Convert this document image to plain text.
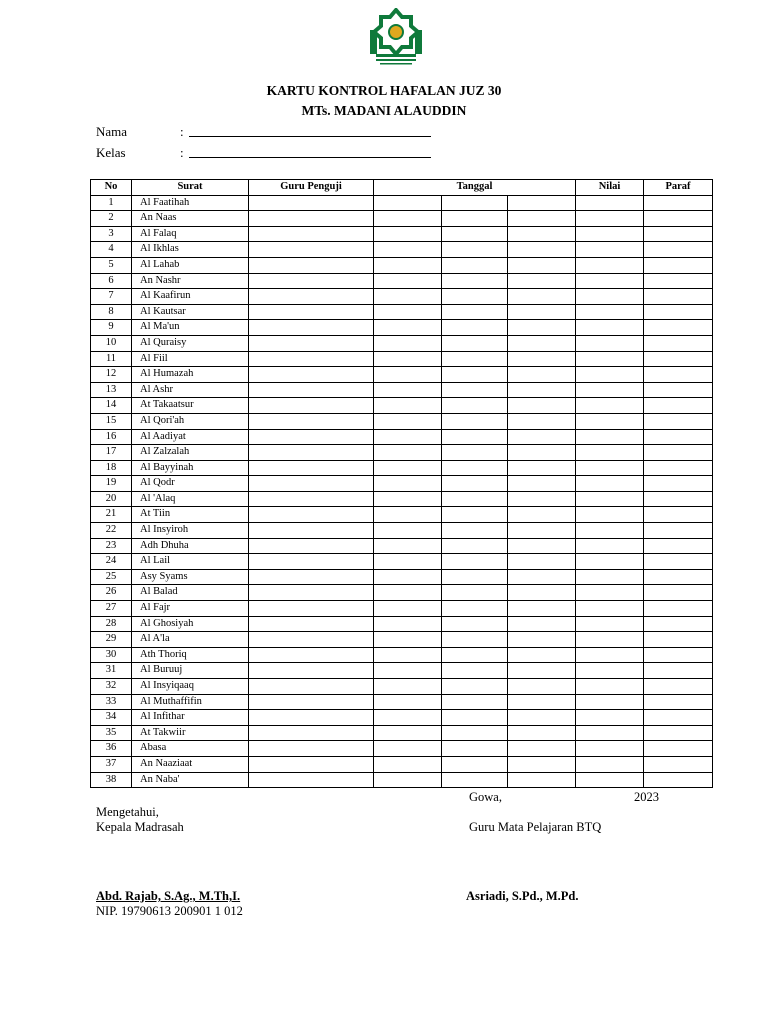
KARTU KONTROL HAFALAN JUZ 30
MTs. MADANI ALAUDDIN
Nama	:
Kelas	:
No	Surat	Guru Penguji	Tanggal			Nilai	Paraf
1	Al Faatihah						
2	An Naas						
3	Al Falaq						
4	Al Ikhlas						
5	Al Lahab						
6	An Nashr						
7	Al Kaafirun						
8	Al Kautsar						
9	Al Ma'un						
10	Al Quraisy						
11	Al Fiil						
12	Al Humazah						
13	Al Ashr						
14	At Takaatsur						
15	Al Qori'ah						
16	Al Aadiyat						
17	Al Zalzalah						
18	Al Bayyinah						
19	Al Qodr						
20	Al 'Alaq						
21	At Tiin						
22	Al Insyiroh						
23	Adh Dhuha						
24	Al Lail						
25	Asy Syams						
26	Al Balad						
27	Al Fajr						
28	Al Ghosiyah						
29	Al A'la						
30	Ath Thoriq						
31	Al Buruuj						
32	Al Insyiqaaq						
33	Al Muthaffifin						
34	Al Infithar						
35	At Takwiir						
36	Abasa						
37	An Naaziaat						
38	An Naba'						
Gowa,	2023
Mengetahui,
Kepala Madrasah	Guru Mata Pelajaran BTQ
Abd. Rajab, S.Ag., M.Th,I.
NIP. 19790613 200901 1 012
Asriadi, S.Pd., M.Pd.
